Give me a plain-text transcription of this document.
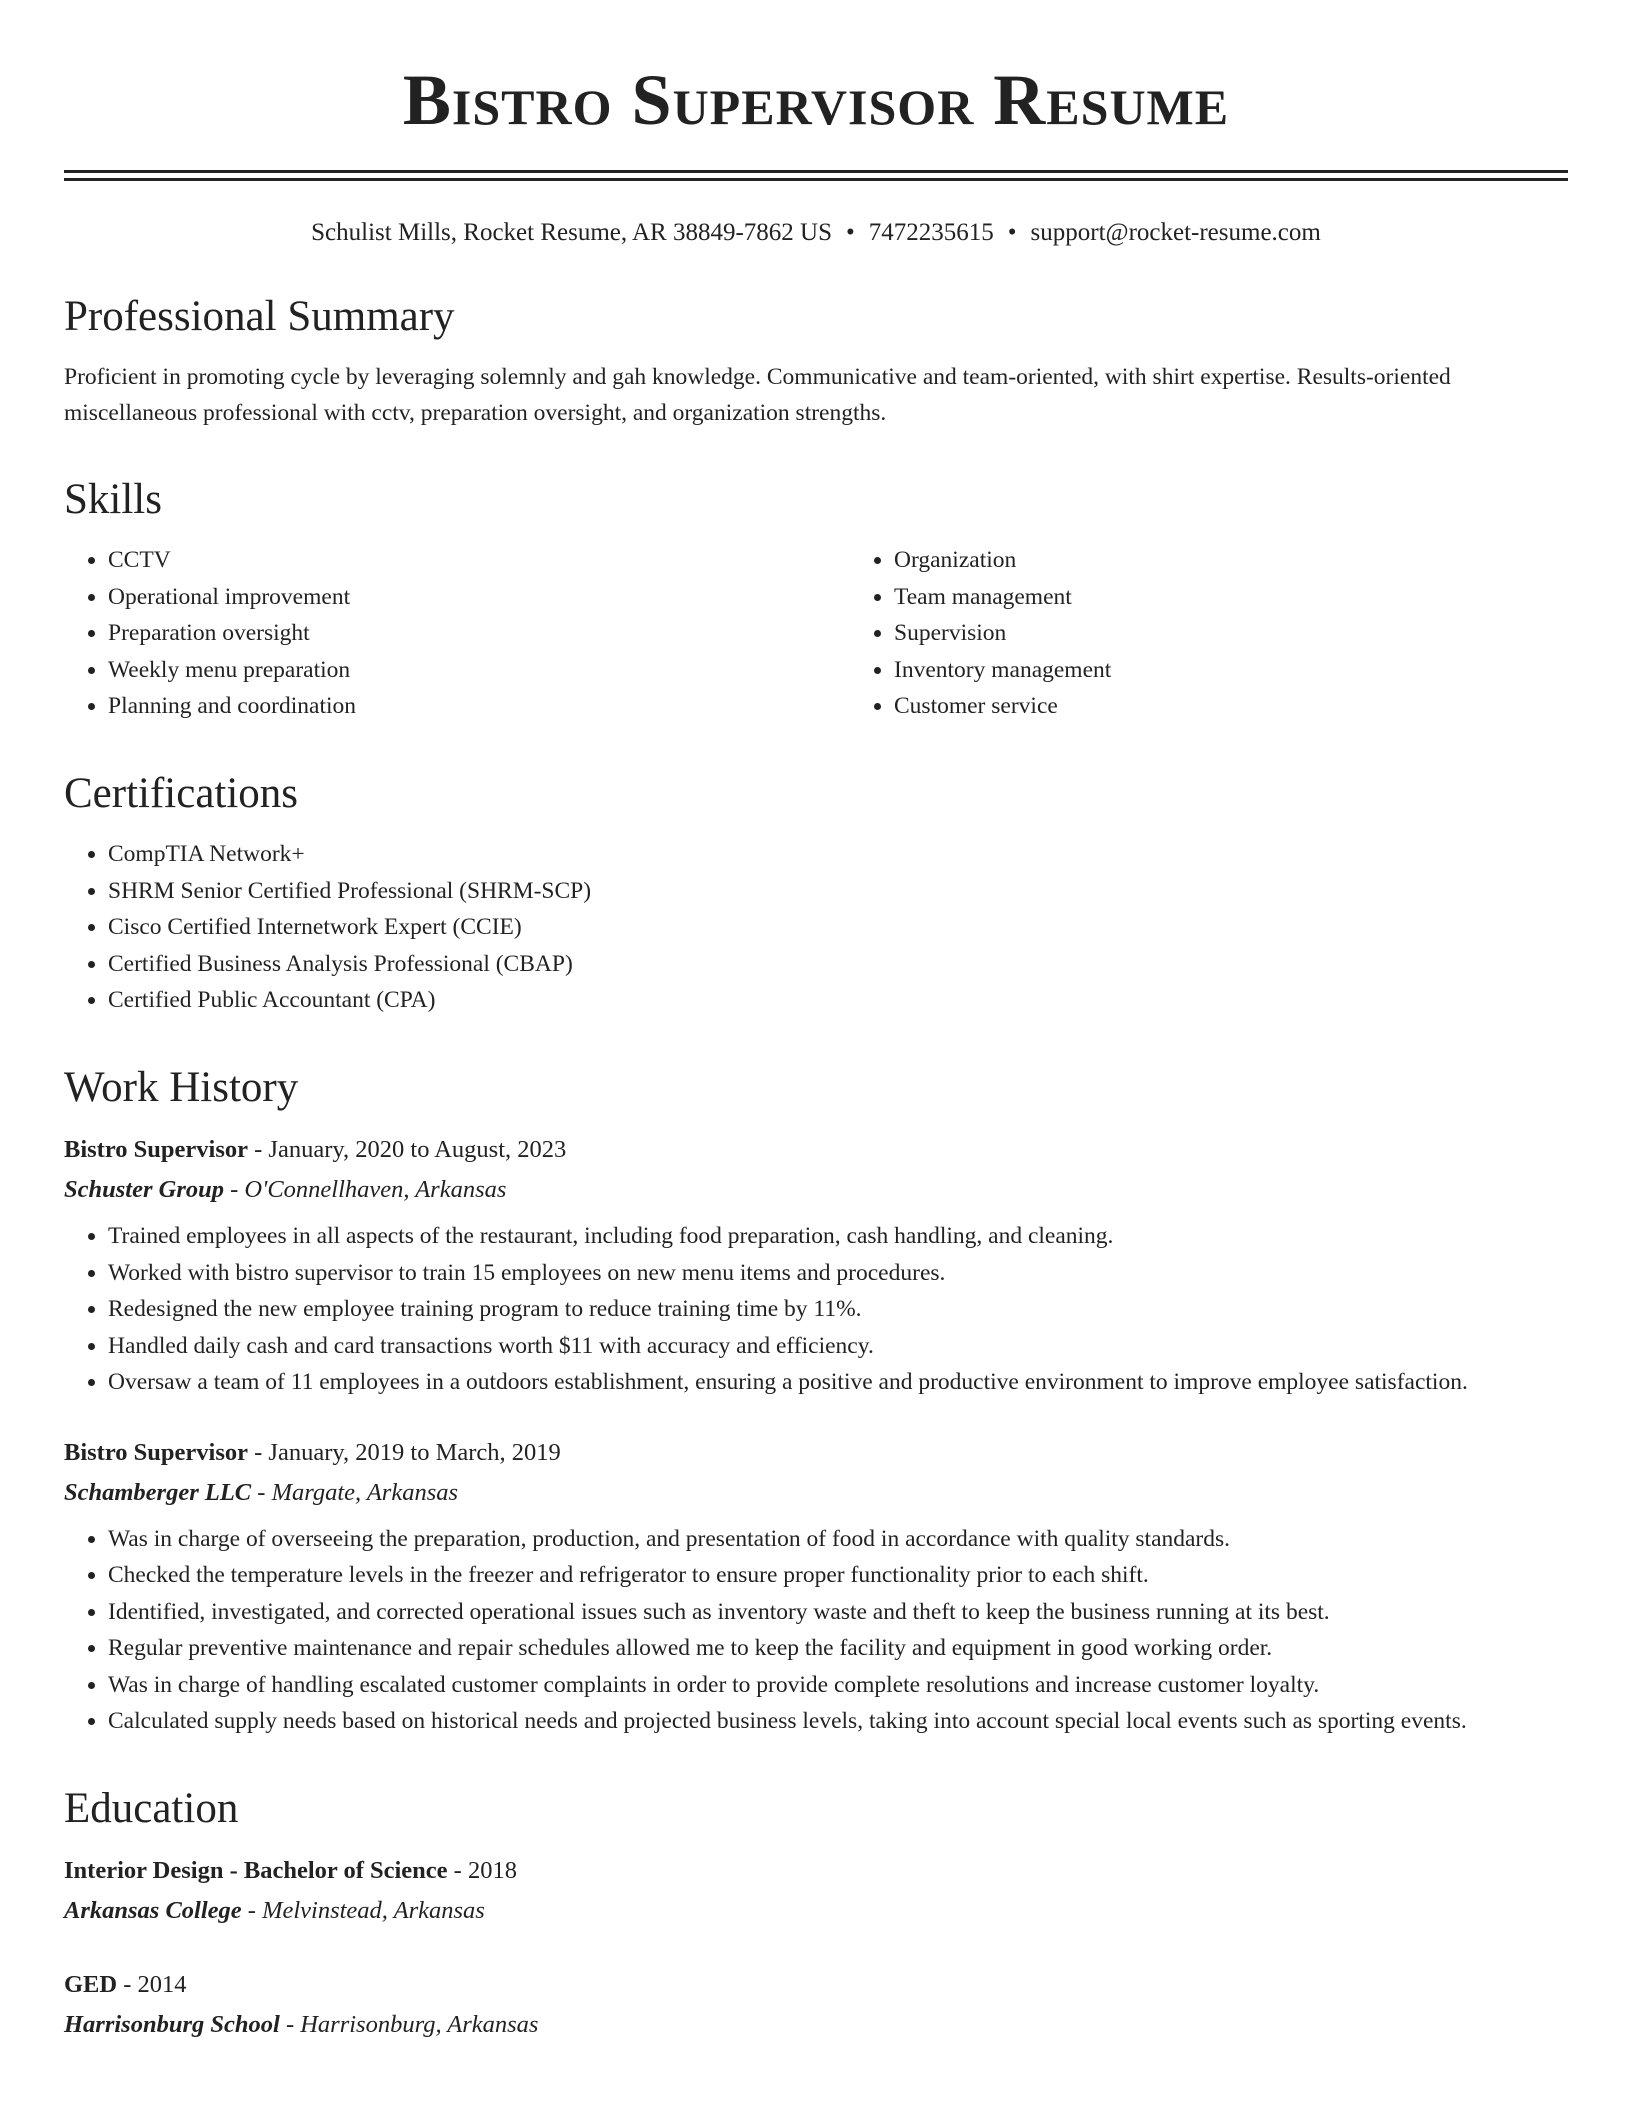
Bistro Supervisor Resume
Schulist Mills, Rocket Resume, AR 38849-7862 US • 7472235615 • support@rocket-resume.com
Professional Summary

Proficient in promoting cycle by leveraging solemnly and gah knowledge. Communicative and team-oriented, with shirt expertise. Results-oriented miscellaneous professional with cctv, preparation oversight, and organization strengths.

Skills
• CCTV
• Operational improvement
• Preparation oversight
• Weekly menu preparation
• Planning and coordination
• Organization
• Team management
• Supervision
• Inventory management
• Customer service
Certifications
• CompTIA Network+
• SHRM Senior Certified Professional (SHRM-SCP)
• Cisco Certified Internetwork Expert (CCIE)
• Certified Business Analysis Professional (CBAP)
• Certified Public Accountant (CPA)
Work History
Bistro Supervisor - January, 2020 to August, 2023
Schuster Group - O'Connellhaven, Arkansas
• Trained employees in all aspects of the restaurant, including food preparation, cash handling, and cleaning.
• Worked with bistro supervisor to train 15 employees on new menu items and procedures.
• Redesigned the new employee training program to reduce training time by 11%.
• Handled daily cash and card transactions worth $11 with accuracy and efficiency.
• Oversaw a team of 11 employees in a outdoors establishment, ensuring a positive and productive environment to improve employee satisfaction.
Bistro Supervisor - January, 2019 to March, 2019
Schamberger LLC - Margate, Arkansas
• Was in charge of overseeing the preparation, production, and presentation of food in accordance with quality standards.
• Checked the temperature levels in the freezer and refrigerator to ensure proper functionality prior to each shift.
• Identified, investigated, and corrected operational issues such as inventory waste and theft to keep the business running at its best.
• Regular preventive maintenance and repair schedules allowed me to keep the facility and equipment in good working order.
• Was in charge of handling escalated customer complaints in order to provide complete resolutions and increase customer loyalty.
• Calculated supply needs based on historical needs and projected business levels, taking into account special local events such as sporting events.
Education
Interior Design - Bachelor of Science - 2018
Arkansas College - Melvinstead, Arkansas
GED - 2014
Harrisonburg School - Harrisonburg, Arkansas
